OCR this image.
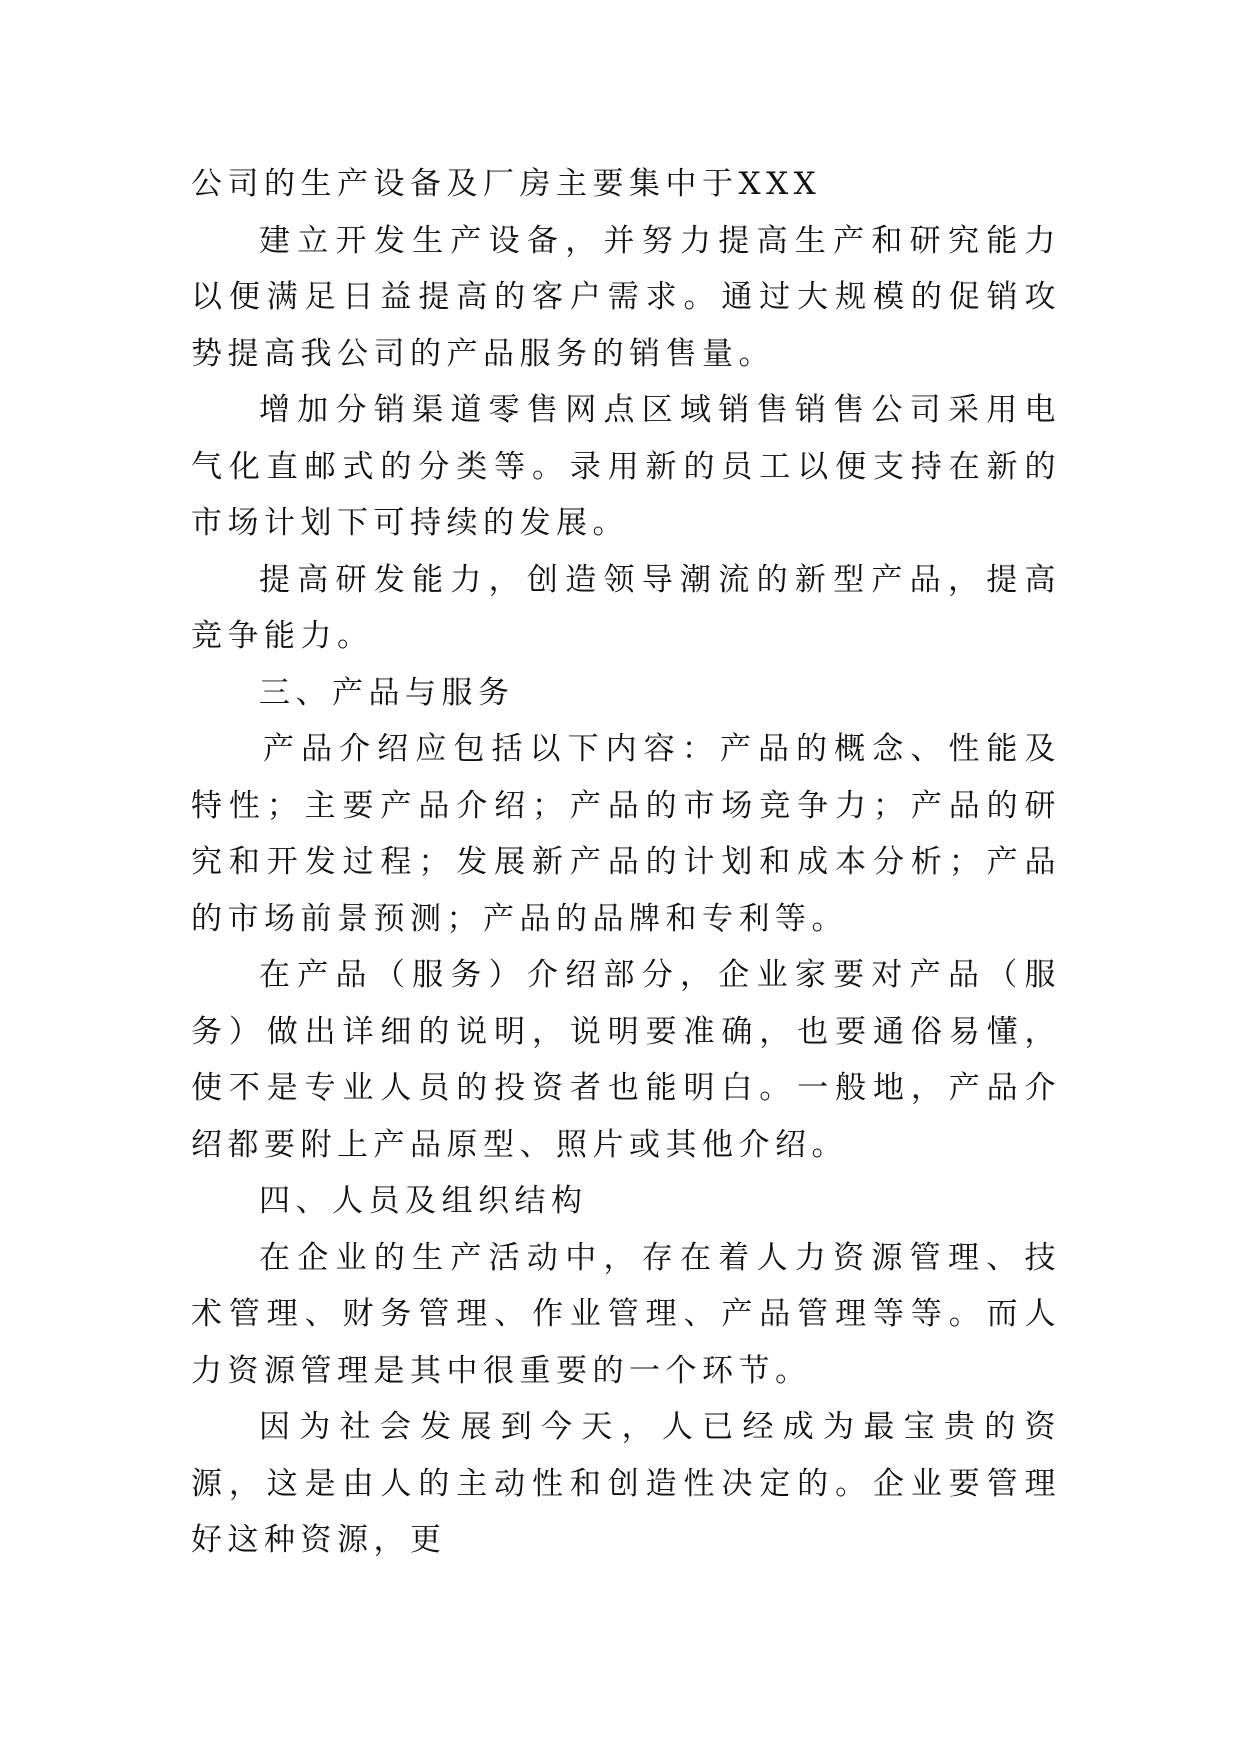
公司的生产设备及厂房主要集中于XXX

建立开发生产设备，并努力提高生产和研究能力以便满足日益提高的客户需求。通过大规模的促销攻势提高我公司的产品服务的销售量。

增加分销渠道零售网点区域销售销售公司采用电气化直邮式的分类等。录用新的员工以便支持在新的市场计划下可持续的发展。

提高研发能力，创造领导潮流的新型产品，提高竞争能力。

三、产品与服务

产品介绍应包括以下内容：产品的概念、性能及特性；主要产品介绍；产品的市场竞争力；产品的研究和开发过程；发展新产品的计划和成本分析；产品的市场前景预测；产品的品牌和专利等。

在产品（服务）介绍部分，企业家要对产品（服务）做出详细的说明，说明要准确，也要通俗易懂，使不是专业人员的投资者也能明白。一般地，产品介绍都要附上产品原型、照片或其他介绍。

四、人员及组织结构

在企业的生产活动中，存在着人力资源管理、技术管理、财务管理、作业管理、产品管理等等。而人力资源管理是其中很重要的一个环节。

因为社会发展到今天，人已经成为最宝贵的资源，这是由人的主动性和创造性决定的。企业要管理好这种资源，更
